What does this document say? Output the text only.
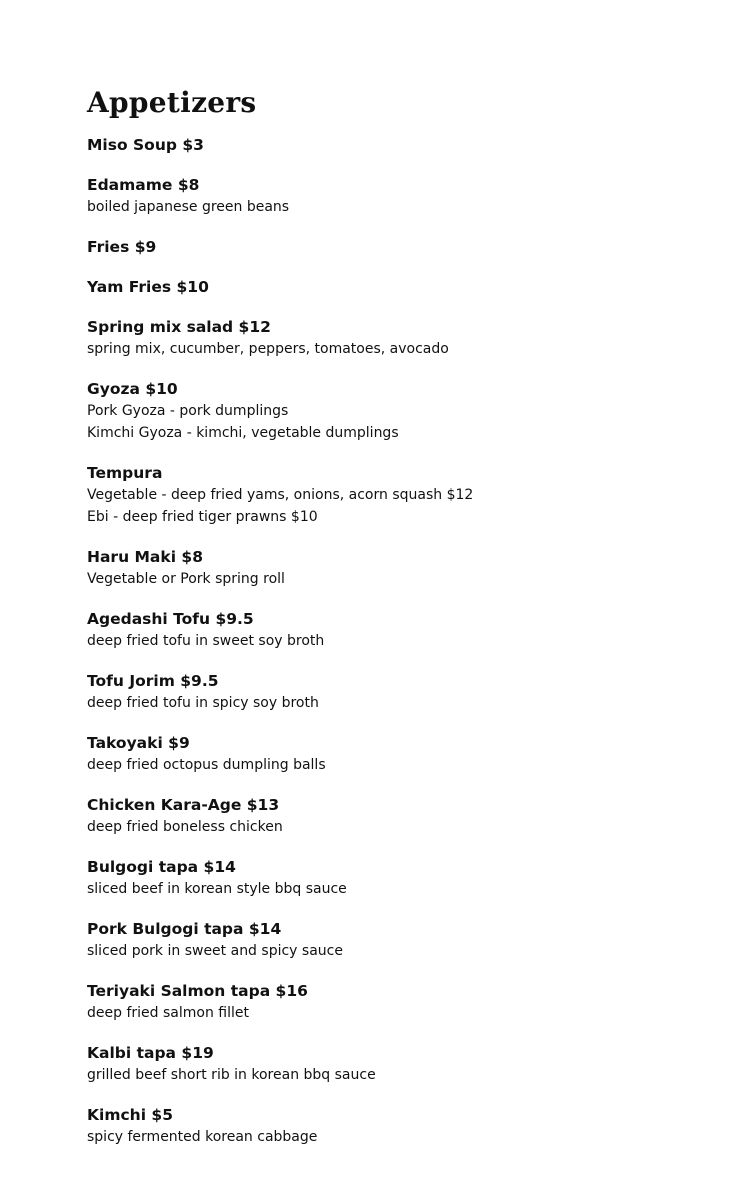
Appetizers
Miso Soup $3
Edamame $8
boiled japanese green beans
Fries $9
Yam Fries $10
Spring mix salad $12
spring mix, cucumber, peppers, tomatoes, avocado
Gyoza $10
Pork Gyoza - pork dumplings
Kimchi Gyoza - kimchi, vegetable dumplings
Tempura
Vegetable - deep fried yams, onions, acorn squash $12
Ebi - deep fried tiger prawns $10
Haru Maki $8
Vegetable or Pork spring roll
Agedashi Tofu $9.5
deep fried tofu in sweet soy broth
Tofu Jorim $9.5
deep fried tofu in spicy soy broth
Takoyaki $9
deep fried octopus dumpling balls
Chicken Kara-Age $13
deep fried boneless chicken
Bulgogi tapa $14
sliced beef in korean style bbq sauce
Pork Bulgogi tapa $14
sliced pork in sweet and spicy sauce
Teriyaki Salmon tapa $16
deep fried salmon fillet
Kalbi tapa $19
grilled beef short rib in korean bbq sauce
Kimchi $5
spicy fermented korean cabbage
